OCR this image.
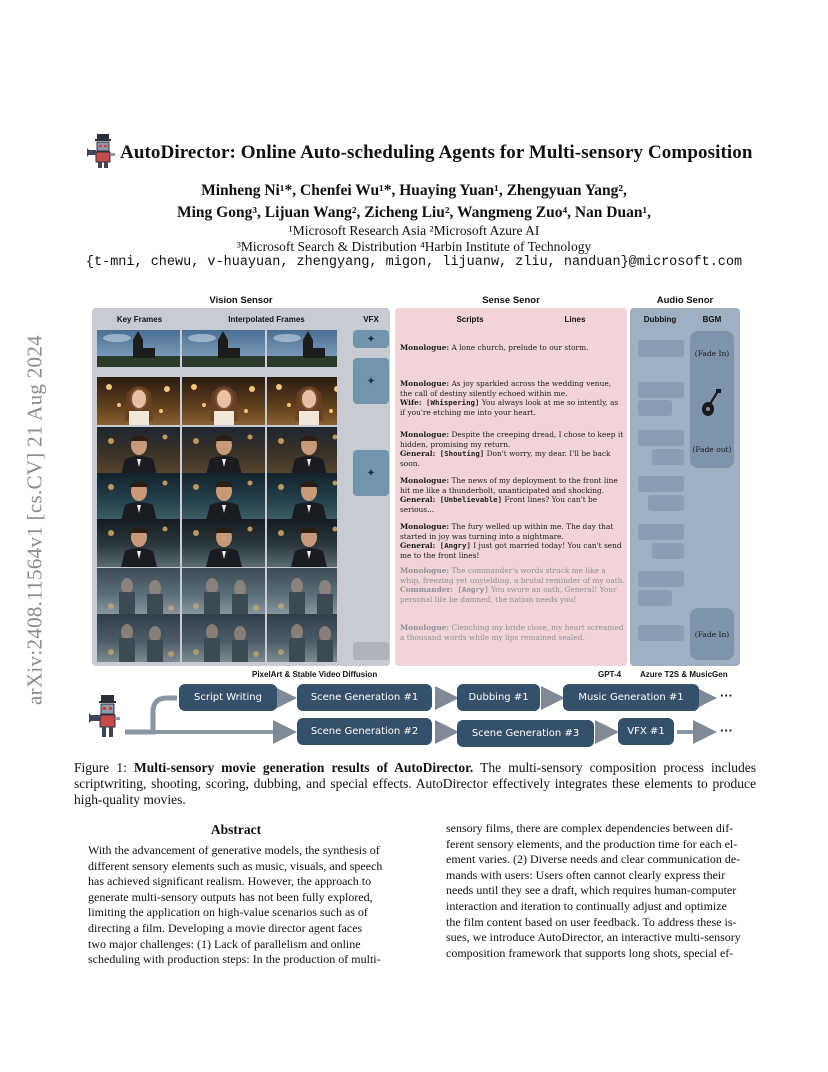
arXiv:2408.11564v1 [cs.CV] 21 Aug 2024
AutoDirector: Online Auto-scheduling Agents for Multi-sensory Composition
Minheng Ni¹*, Chenfei Wu¹*, Huaying Yuan¹, Zhengyuan Yang²,
Ming Gong³, Lijuan Wang², Zicheng Liu², Wangmeng Zuo⁴, Nan Duan¹,
¹Microsoft Research Asia ²Microsoft Azure AI
³Microsoft Search & Distribution ⁴Harbin Institute of Technology
{t-mni, chewu, v-huayuan, zhengyang, migon, lijuanw, zliu, nanduan}@microsoft.com
Vision Sensor	Sense Senor	Audio Senor
Key Frames	Interpolated Frames	VFX	Scripts	Lines	Dubbing	BGM
✦
✦
✦
Monologue: A lone church, prelude to our storm.
Monologue: As joy sparkled across the wedding venue, the call of destiny silently echoed within me.
Wife: [Whispering] You always look at me so intently, as if you're etching me into your heart.
Monologue: Despite the creeping dread, I chose to keep it hidden, promising my return.
General: [Shouting] Don't worry, my dear. I'll be back soon.
Monologue: The news of my deployment to the front line hit me like a thunderbolt, unanticipated and shocking.
General: [Unbelievable] Front lines? You can't be serious...
Monologue: The fury welled up within me. The day that started in joy was turning into a nightmare.
General: [Angry] I just got married today! You can't send me to the front lines!
Monologue: The commander's words struck me like a whip, freezing yet unyielding, a brutal reminder of my oath.
Commander: [Angry] You swore an oath, General! Your personal life be damned, the nation needs you!
Monologue: Clenching my bride close, my heart screamed a thousand words while my lips remained sealed.
(Fade In)
(Fade out)
(Fade In)
PixelArt & Stable Video Diffusion	GPT-4 Azure T2S & MusicGen
Script Writing	Scene Generation #1	Dubbing #1	Music Generation #1	···
Scene Generation #2	Scene Generation #3	VFX #1	···
Figure 1: Multi-sensory movie generation results of AutoDirector. The multi-sensory composition process includes scriptwriting, shooting, scoring, dubbing, and special effects. AutoDirector effectively integrates these elements to produce high-quality movies.
Abstract
With the advancement of generative models, the synthesis of
different sensory elements such as music, visuals, and speech
has achieved significant realism. However, the approach to
generate multi-sensory outputs has not been fully explored,
limiting the application on high-value scenarios such as of
directing a film. Developing a movie director agent faces
two major challenges: (1) Lack of parallelism and online
scheduling with production steps: In the production of multi-
sensory films, there are complex dependencies between dif-
ferent sensory elements, and the production time for each el-
ement varies. (2) Diverse needs and clear communication de-
mands with users: Users often cannot clearly express their
needs until they see a draft, which requires human-computer
interaction and iteration to continually adjust and optimize
the film content based on user feedback. To address these is-
sues, we introduce AutoDirector, an interactive multi-sensory
composition framework that supports long shots, special ef-
